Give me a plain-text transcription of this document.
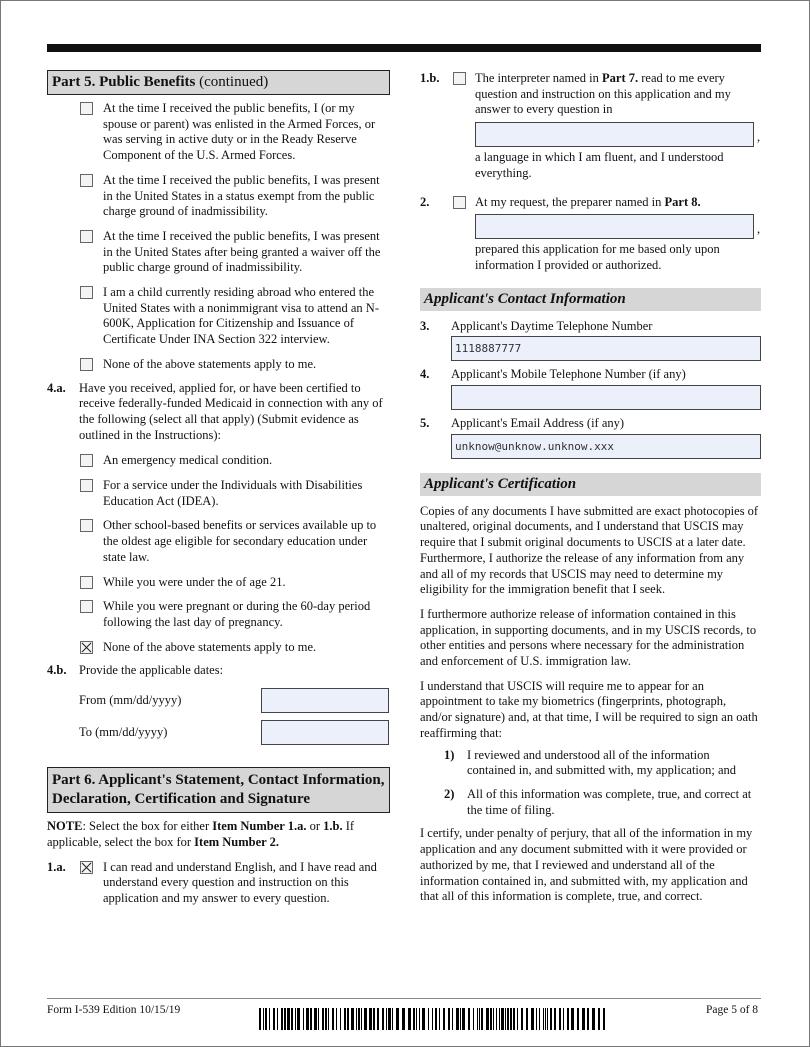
Part 5. Public Benefits (continued)
At the time I received the public benefits, I (or my spouse or parent) was enlisted in the Armed Forces, or was serving in active duty or in the Ready Reserve Component of the U.S. Armed Forces.
At the time I received the public benefits, I was present in the United States in a status exempt from the public charge ground of inadmissibility.
At the time I received the public benefits, I was present in the United States after being granted a waiver off the public charge ground of inadmissibility.
I am a child currently residing abroad who entered the United States with a nonimmigrant visa to attend an N-600K, Application for Citizenship and Issuance of Certificate Under INA Section 322 interview.
None of the above statements apply to me.
4.a. Have you received, applied for, or have been certified to receive federally-funded Medicaid in connection with any of the following (select all that apply) (Submit evidence as outlined in the Instructions):
An emergency medical condition.
For a service under the Individuals with Disabilities Education Act (IDEA).
Other school-based benefits or services available up to the oldest age eligible for secondary education under state law.
While you were under the of age 21.
While you were pregnant or during the 60-day period following the last day of pregnancy.
None of the above statements apply to me.
4.b. Provide the applicable dates:
From (mm/dd/yyyy)
To (mm/dd/yyyy)
Part 6. Applicant's Statement, Contact Information, Declaration, Certification and Signature
NOTE: Select the box for either Item Number 1.a. or 1.b. If applicable, select the box for Item Number 2.
1.a.	I can read and understand English, and I have read and understand every question and instruction on this application and my answer to every question.
1.b.	The interpreter named in Part 7. read to me every question and instruction on this application and my answer to every question in
,
a language in which I am fluent, and I understood everything.
2.	At my request, the preparer named in Part 8.
,
prepared this application for me based only upon information I provided or authorized.
Applicant's Contact Information
3. Applicant's Daytime Telephone Number
1118887777
4. Applicant's Mobile Telephone Number (if any)
5. Applicant's Email Address (if any)
unknow@unknow.unknow.xxx
Applicant's Certification

Copies of any documents I have submitted are exact photocopies of unaltered, original documents, and I understand that USCIS may require that I submit original documents to USCIS at a later date. Furthermore, I authorize the release of any information from any and all of my records that USCIS may need to determine my eligibility for the immigration benefit that I seek.

I furthermore authorize release of information contained in this application, in supporting documents, and in my USCIS records, to other entities and persons where necessary for the administration and enforcement of U.S. immigration law.

I understand that USCIS will require me to appear for an appointment to take my biometrics (fingerprints, photograph, and/or signature) and, at that time, I will be required to sign an oath reaffirming that:

1) I reviewed and understood all of the information contained in, and submitted with, my application; and
2) All of this information was complete, true, and correct at the time of filing.

I certify, under penalty of perjury, that all of the information in my application and any document submitted with it were provided or authorized by me, that I reviewed and understand all of the information contained in, and submitted with, my application and that all of this information is complete, true, and correct.

Form I-539 Edition 10/15/19	Page 5 of 8
